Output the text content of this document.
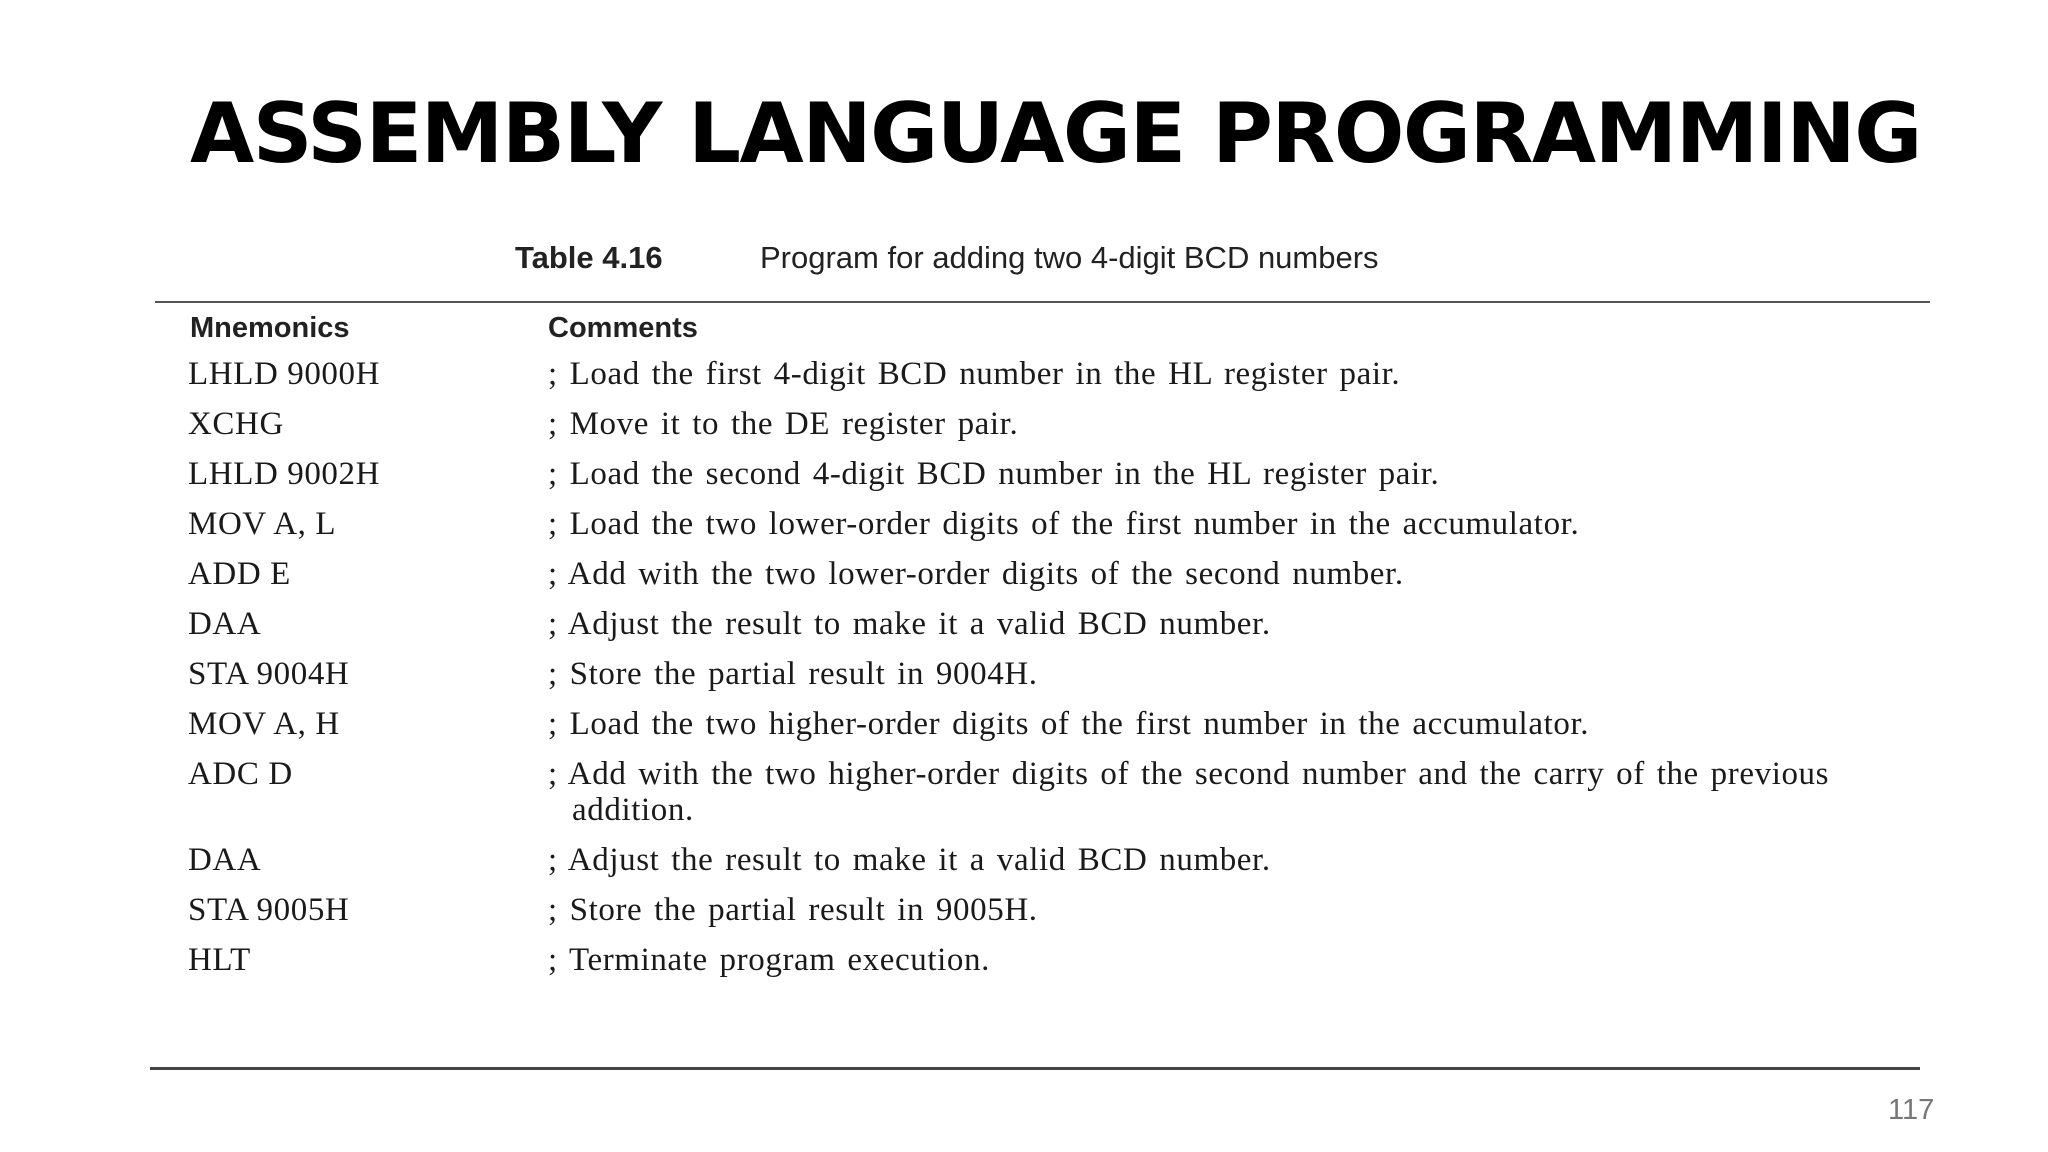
ASSEMBLY LANGUAGE PROGRAMMING
Table 4.16	Program for adding two 4-digit BCD numbers
Mnemonics	Comments
LHLD 9000H	; Load the first 4-digit BCD number in the HL register pair.
XCHG	; Move it to the DE register pair.
LHLD 9002H	; Load the second 4-digit BCD number in the HL register pair.
MOV A, L	; Load the two lower-order digits of the first number in the accumulator.
ADD E	; Add with the two lower-order digits of the second number.
DAA	; Adjust the result to make it a valid BCD number.
STA 9004H	; Store the partial result in 9004H.
MOV A, H	; Load the two higher-order digits of the first number in the accumulator.
ADC D	; Add with the two higher-order digits of the second number and the carry of the previous addition.
DAA	; Adjust the result to make it a valid BCD number.
STA 9005H	; Store the partial result in 9005H.
HLT	; Terminate program execution.
117
